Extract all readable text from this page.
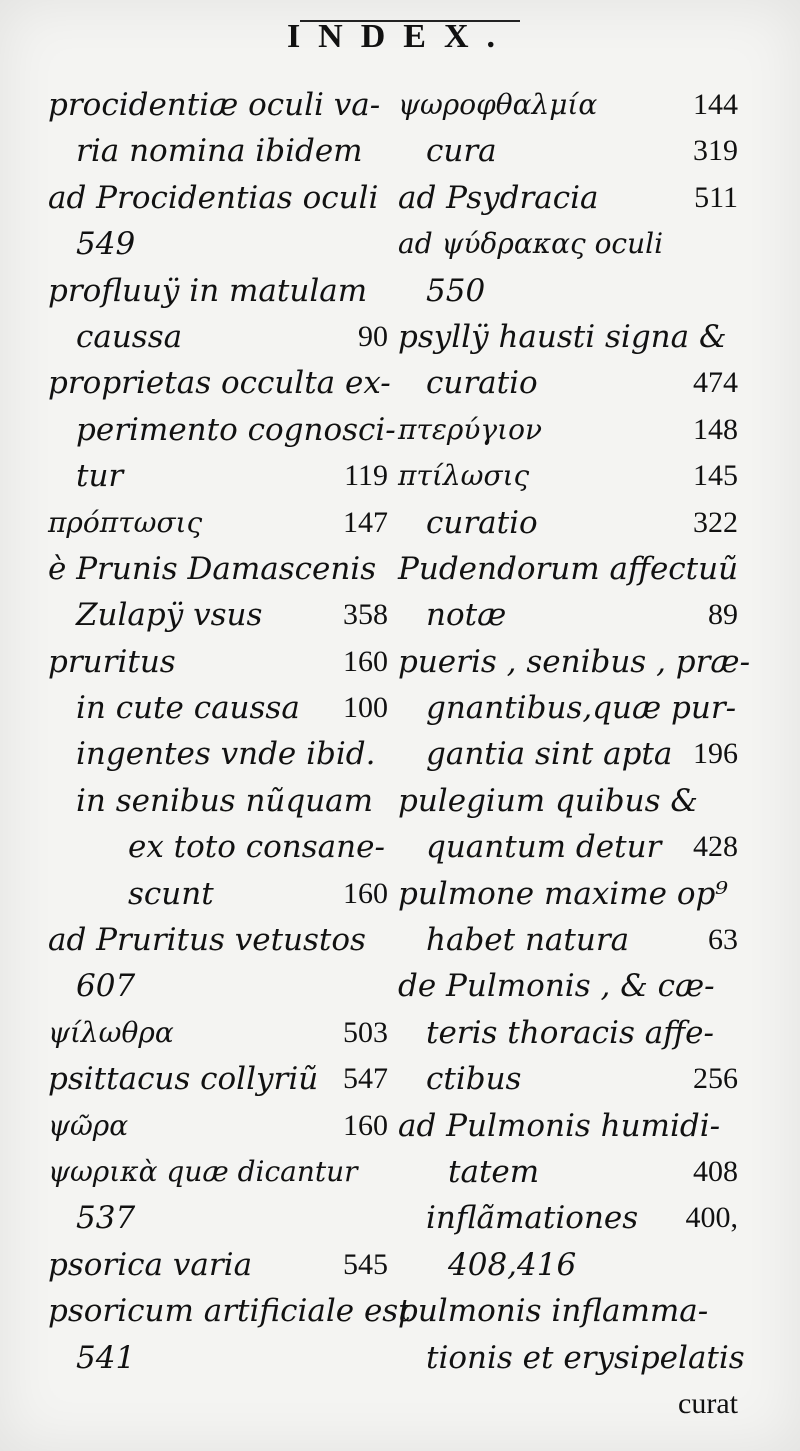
INDEX.
procidentiæ oculi va-
ria nomina ibidem
ad Procidentias oculi
549
profluuÿ in matulam
caussa	90
proprietas occulta ex-
perimento cognosci-
tur	119
πρόπτωσις	147
è Prunis Damascenis
Zulapÿ vsus	358
pruritus	160
in cute caussa 100
ingentes vnde ibid.
in senibus nũquam
ex toto consane-
scunt	160
ad Pruritus vetustos
607
ψίλωθρα	503
psittacus collyriũ 547
ψῶρα	160
ψωρικὰ quæ dicantur
537
psorica varia	545
psoricum artificiale est
541
ψωροφθαλμία	144
cura	319
ad Psydracia	511
ad ψύδρακας oculi
550
psyllÿ hausti signa &
curatio	474
πτερύγιον	148
πτίλωσις	145
curatio	322
Pudendorum affectuũ
notæ	89
pueris , senibus , præ-
gnantibus,quæ pur-
gantia sint apta 196
pulegium quibus &
quantum detur 428
pulmone maxime op⁹
habet natura	63
de Pulmonis , & cæ-
teris thoracis affe-
ctibus	256
ad Pulmonis humidi-
tatem	408
inflãmationes 400,
408,416
pulmonis inflamma-
tionis et erysipelatis
curat
